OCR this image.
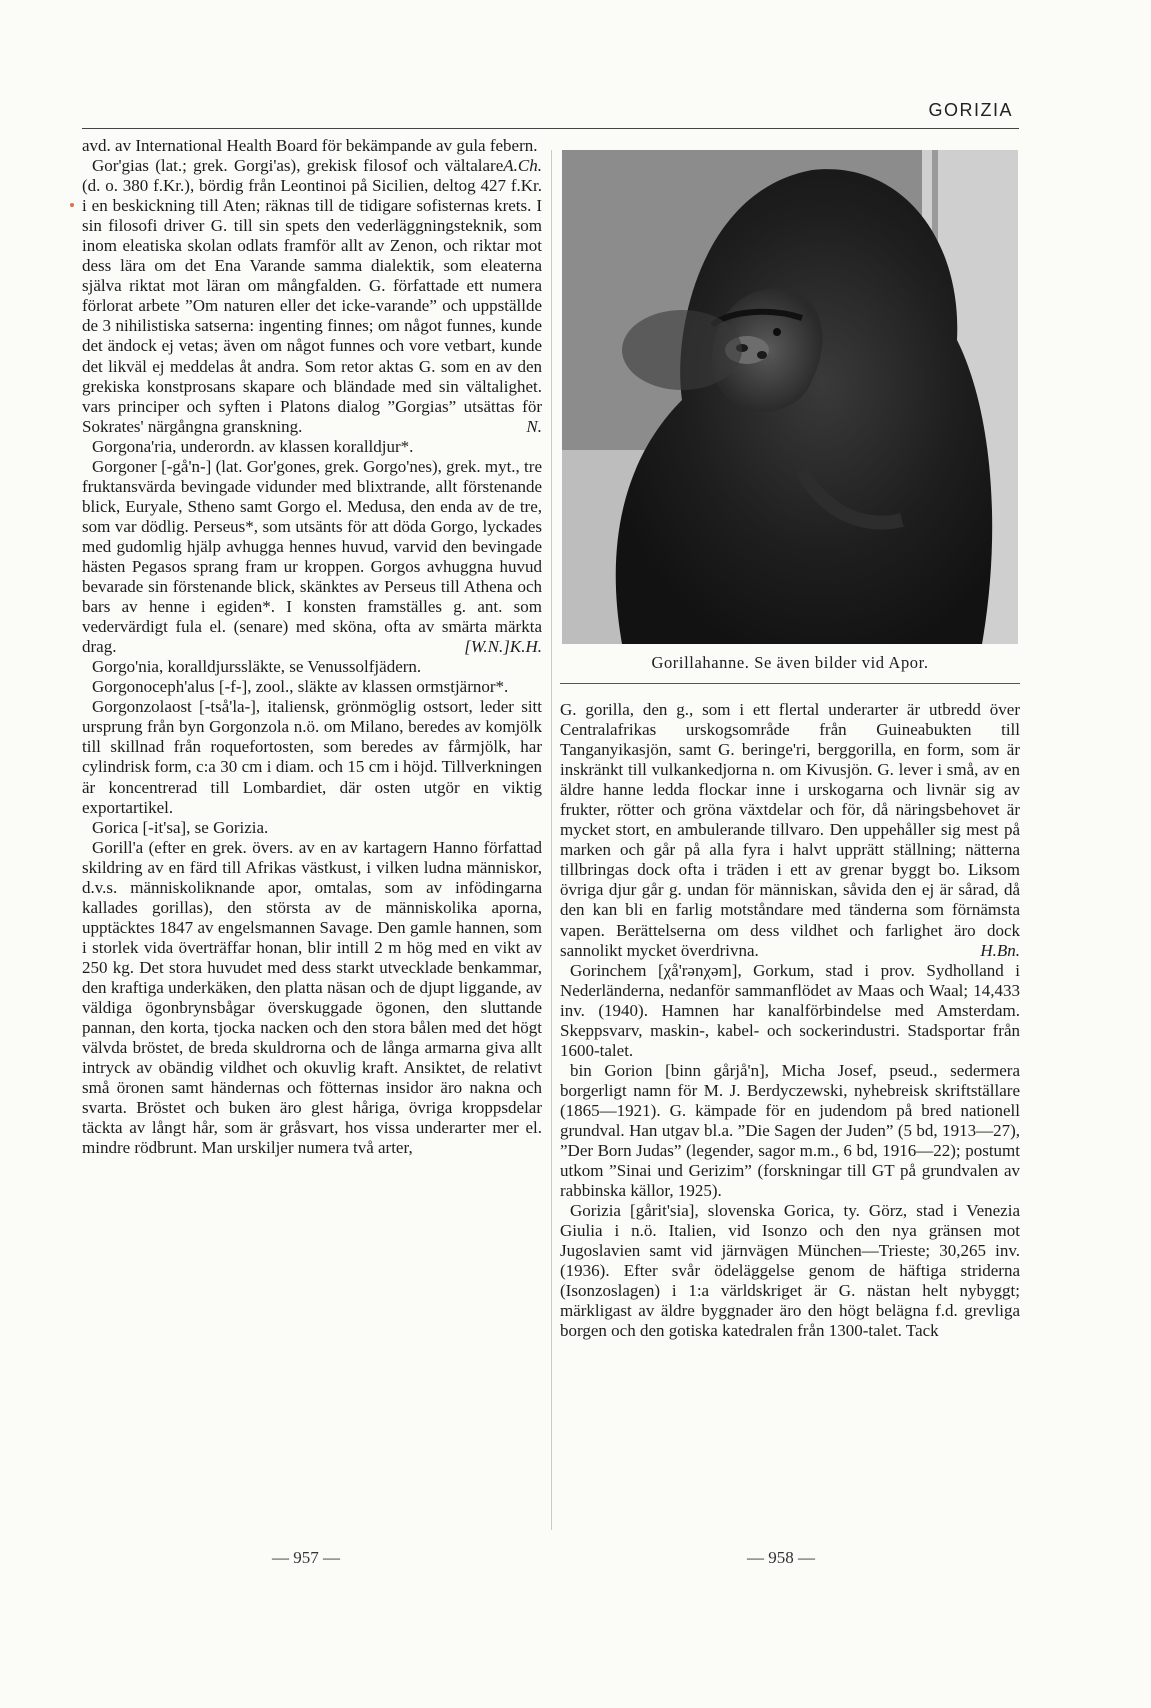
GORIZIA

avd. av International Health Board för bekämpande av gula febern.
A.Ch.

Gor'gias (lat.; grek. Gorgi'as), grekisk filosof och vältalare (d. o. 380 f.Kr.), bördig från Leontinoi på Sicilien, deltog 427 f.Kr. i en beskickning till Aten; räknas till de tidigare sofisternas krets. I sin filosofi driver G. till sin spets den vederläggningsteknik, som inom eleatiska skolan odlats framför allt av Zenon, och riktar mot dess lära om det Ena Varande samma dialektik, som eleaterna själva riktat mot läran om mångfalden. G. författade ett numera förlorat arbete ”Om naturen eller det icke-varande” och uppställde de 3 nihilistiska satserna: ingenting finnes; om något funnes, kunde det ändock ej vetas; även om något funnes och vore vetbart, kunde det likväl ej meddelas åt andra. Som retor aktas G. som en av den grekiska konstprosans skapare och bländade med sin vältalighet. vars principer och syften i Platons dialog ”Gorgias” utsättas för Sokrates' närgångna granskning.	N.

Gorgona'ria, underordn. av klassen koralldjur*.

Gorgoner [-gå'n-] (lat. Gor'gones, grek. Gorgo'nes), grek. myt., tre fruktansvärda bevingade vidunder med blixtrande, allt förstenande blick, Euryale, Stheno samt Gorgo el. Medusa, den enda av de tre, som var dödlig. Perseus*, som utsänts för att döda Gorgo, lyckades med gudomlig hjälp avhugga hennes huvud, varvid den bevingade hästen Pegasos sprang fram ur kroppen. Gorgos avhuggna huvud bevarade sin förstenande blick, skänktes av Perseus till Athena och bars av henne i egiden*. I konsten framställes g. ant. som vedervärdigt fula el. (senare) med sköna, ofta av smärta märkta drag.	[W.N.]K.H.

Gorgo'nia, koralldjurssläkte, se Venussolfjädern.

Gorgonoceph'alus [-f-], zool., släkte av klassen ormstjärnor*.

Gorgonzolaost [-tså'la-], italiensk, grönmöglig ostsort, leder sitt ursprung från byn Gorgonzola n.ö. om Milano, beredes av komjölk till skillnad från roquefortosten, som beredes av fårmjölk, har cylindrisk form, c:a 30 cm i diam. och 15 cm i höjd. Tillverkningen är koncentrerad till Lombardiet, där osten utgör en viktig exportartikel.

Gorica [-it'sa], se Gorizia.

Gorill'a (efter en grek. övers. av en av kartagern Hanno författad skildring av en färd till Afrikas västkust, i vilken ludna människor, d.v.s. människoliknande apor, omtalas, som av infödingarna kallades gorillas), den största av de människolika aporna, upptäcktes 1847 av engelsmannen Savage. Den gamle hannen, som i storlek vida överträffar honan, blir intill 2 m hög med en vikt av 250 kg. Det stora huvudet med dess starkt utvecklade benkammar, den kraftiga underkäken, den platta näsan och de djupt liggande, av väldiga ögonbrynsbågar överskuggade ögonen, den sluttande pannan, den korta, tjocka nacken och den stora bålen med det högt välvda bröstet, de breda skuldrorna och de långa armarna giva allt intryck av obändig vildhet och okuvlig kraft. Ansiktet, de relativt små öronen samt händernas och fötternas insidor äro nakna och svarta. Bröstet och buken äro glest håriga, övriga kroppsdelar täckta av långt hår, som är gråsvart, hos vissa underarter mer el. mindre rödbrunt. Man urskiljer numera två arter,

Gorillahanne. Se även bilder vid Apor.

G. gorilla, den g., som i ett flertal underarter är utbredd över Centralafrikas urskogsområde från Guineabukten till Tanganyikasjön, samt G. beringe'ri, berggorilla, en form, som är inskränkt till vulkankedjorna n. om Kivusjön. G. lever i små, av en äldre hanne ledda flockar inne i urskogarna och livnär sig av frukter, rötter och gröna växtdelar och för, då näringsbehovet är mycket stort, en ambulerande tillvaro. Den uppehåller sig mest på marken och går på alla fyra i halvt upprätt ställning; nätterna tillbringas dock ofta i träden i ett av grenar byggt bo. Liksom övriga djur går g. undan för människan, såvida den ej är sårad, då den kan bli en farlig motståndare med tänderna som förnämsta vapen. Berättelserna om dess vildhet och farlighet äro dock sannolikt mycket överdrivna.	H.Bn.

Gorinchem [χå'rənχəm], Gorkum, stad i prov. Sydholland i Nederländerna, nedanför sammanflödet av Maas och Waal; 14,433 inv. (1940). Hamnen har kanalförbindelse med Amsterdam. Skeppsvarv, maskin-, kabel- och sockerindustri. Stadsportar från 1600-talet.

bin Gorion [binn gårjå'n], Micha Josef, pseud., sedermera borgerligt namn för M. J. Berdyczewski, nyhebreisk skriftställare (1865—1921). G. kämpade för en judendom på bred nationell grundval. Han utgav bl.a. ”Die Sagen der Juden” (5 bd, 1913—27), ”Der Born Judas” (legender, sagor m.m., 6 bd, 1916—22); postumt utkom ”Sinai und Gerizim” (forskningar till GT på grundvalen av rabbinska källor, 1925).

Gorizia [gårit'sia], slovenska Gorica, ty. Görz, stad i Venezia Giulia i n.ö. Italien, vid Isonzo och den nya gränsen mot Jugoslavien samt vid järnvägen München—Trieste; 30,265 inv. (1936). Efter svår ödeläggelse genom de häftiga striderna (Isonzoslagen) i 1:a världskriget är G. nästan helt nybyggt; märkligast av äldre byggnader äro den högt belägna f.d. grevliga borgen och den gotiska katedralen från 1300-talet. Tack

— 957 —	— 958 —
